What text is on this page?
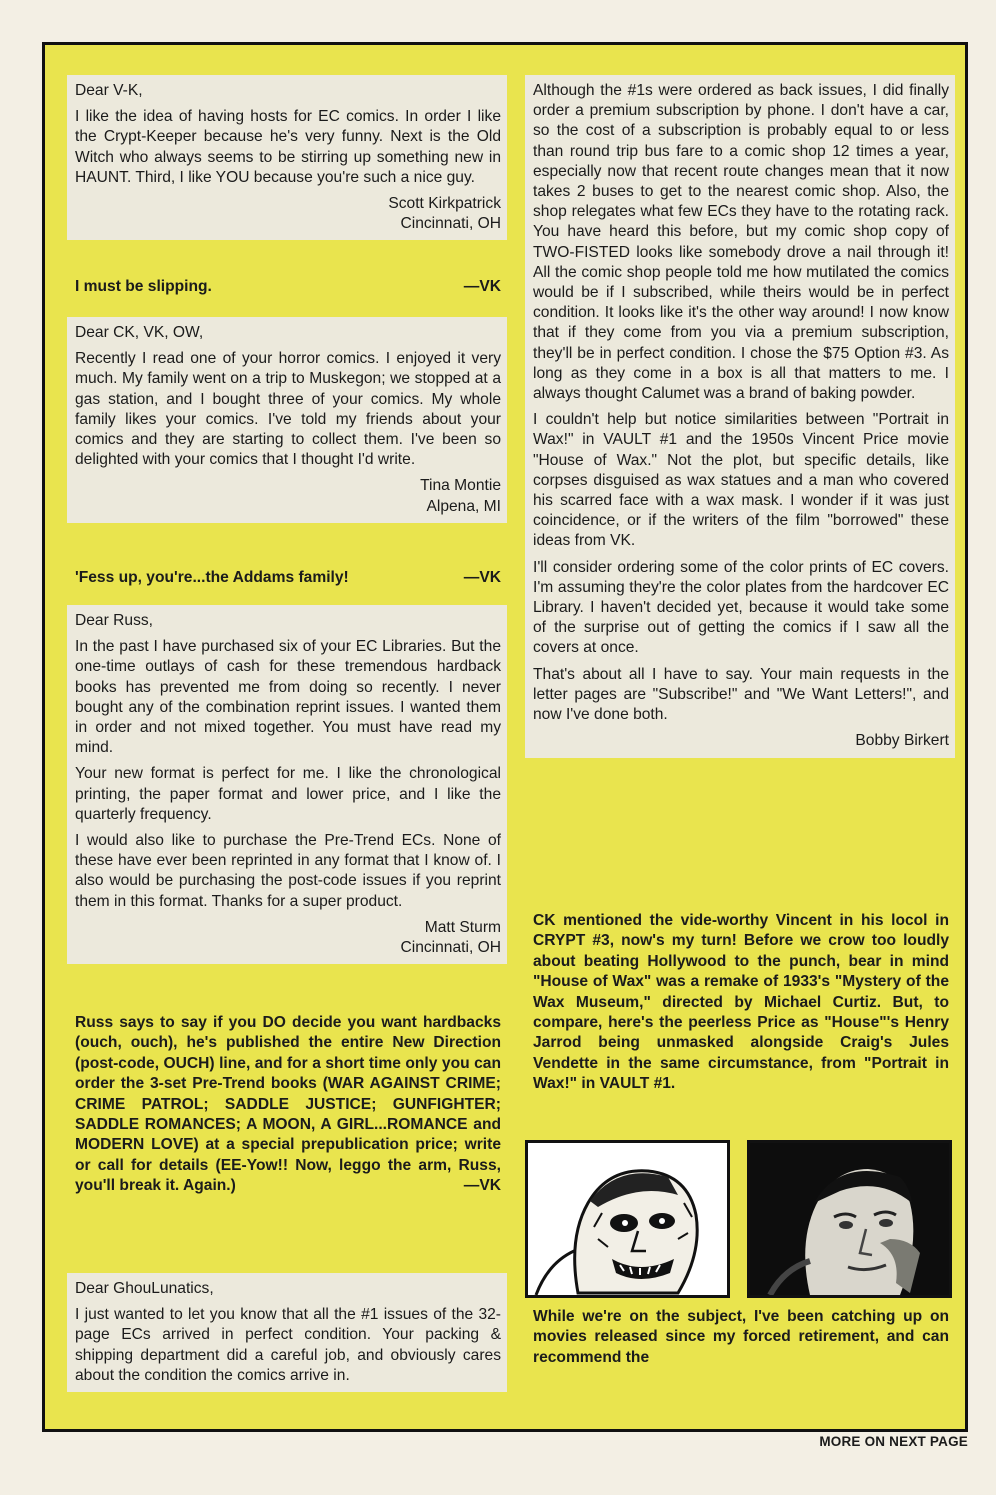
Dear V-K,

I like the idea of having hosts for EC comics. In order I like the Crypt-Keeper because he's very funny. Next is the Old Witch who always seems to be stirring up something new in HAUNT. Third, I like YOU because you're such a nice guy.

Scott Kirkpatrick
Cincinnati, OH

I must be slipping.	—VK

Dear CK, VK, OW,

Recently I read one of your horror comics. I enjoyed it very much. My family went on a trip to Muskegon; we stopped at a gas station, and I bought three of your comics. My whole family likes your comics. I've told my friends about your comics and they are starting to collect them. I've been so delighted with your comics that I thought I'd write.

Tina Montie
Alpena, MI

'Fess up, you're...the Addams family!	—VK

Dear Russ,

In the past I have purchased six of your EC Libraries. But the one-time outlays of cash for these tremendous hardback books has prevented me from doing so recently. I never bought any of the combination reprint issues. I wanted them in order and not mixed together. You must have read my mind.

Your new format is perfect for me. I like the chronological printing, the paper format and lower price, and I like the quarterly frequency.

I would also like to purchase the Pre-Trend ECs. None of these have ever been reprinted in any format that I know of. I also would be purchasing the post-code issues if you reprint them in this format. Thanks for a super product.

Matt Sturm
Cincinnati, OH

Russ says to say if you DO decide you want hardbacks (ouch, ouch), he's published the entire New Direction (post-code, OUCH) line, and for a short time only you can order the 3-set Pre-Trend books (WAR AGAINST CRIME; CRIME PATROL; SADDLE JUSTICE; GUNFIGHTER; SADDLE ROMANCES; A MOON, A GIRL...ROMANCE and MODERN LOVE) at a special prepublication price; write or call for details (EE-Yow!! Now, leggo the arm, Russ, you'll break it. Again.)	—VK

Dear GhouLunatics,

I just wanted to let you know that all the #1 issues of the 32-page ECs arrived in perfect condition. Your packing & shipping department did a careful job, and obviously cares about the condition the comics arrive in.

Although the #1s were ordered as back issues, I did finally order a premium subscription by phone. I don't have a car, so the cost of a subscription is probably equal to or less than round trip bus fare to a comic shop 12 times a year, especially now that recent route changes mean that it now takes 2 buses to get to the nearest comic shop. Also, the shop relegates what few ECs they have to the rotating rack. You have heard this before, but my comic shop copy of TWO-FISTED looks like somebody drove a nail through it! All the comic shop people told me how mutilated the comics would be if I subscribed, while theirs would be in perfect condition. It looks like it's the other way around! I now know that if they come from you via a premium subscription, they'll be in perfect condition. I chose the $75 Option #3. As long as they come in a box is all that matters to me. I always thought Calumet was a brand of baking powder.

I couldn't help but notice similarities between "Portrait in Wax!" in VAULT #1 and the 1950s Vincent Price movie "House of Wax." Not the plot, but specific details, like corpses disguised as wax statues and a man who covered his scarred face with a wax mask. I wonder if it was just coincidence, or if the writers of the film "borrowed" these ideas from VK.

I'll consider ordering some of the color prints of EC covers. I'm assuming they're the color plates from the hardcover EC Library. I haven't decided yet, because it would take some of the surprise out of getting the comics if I saw all the covers at once.

That's about all I have to say. Your main requests in the letter pages are "Subscribe!" and "We Want Letters!", and now I've done both.

Bobby Birkert

CK mentioned the vide-worthy Vincent in his locol in CRYPT #3, now's my turn! Before we crow too loudly about beating Hollywood to the punch, bear in mind "House of Wax" was a remake of 1933's "Mystery of the Wax Museum," directed by Michael Curtiz. But, to compare, here's the peerless Price as "House"'s Henry Jarrod being unmasked alongside Craig's Jules Vendette in the same circumstance, from "Portrait in Wax!" in VAULT #1.
While we're on the subject, I've been catching up on movies released since my forced retirement, and can recommend the
MORE ON NEXT PAGE
